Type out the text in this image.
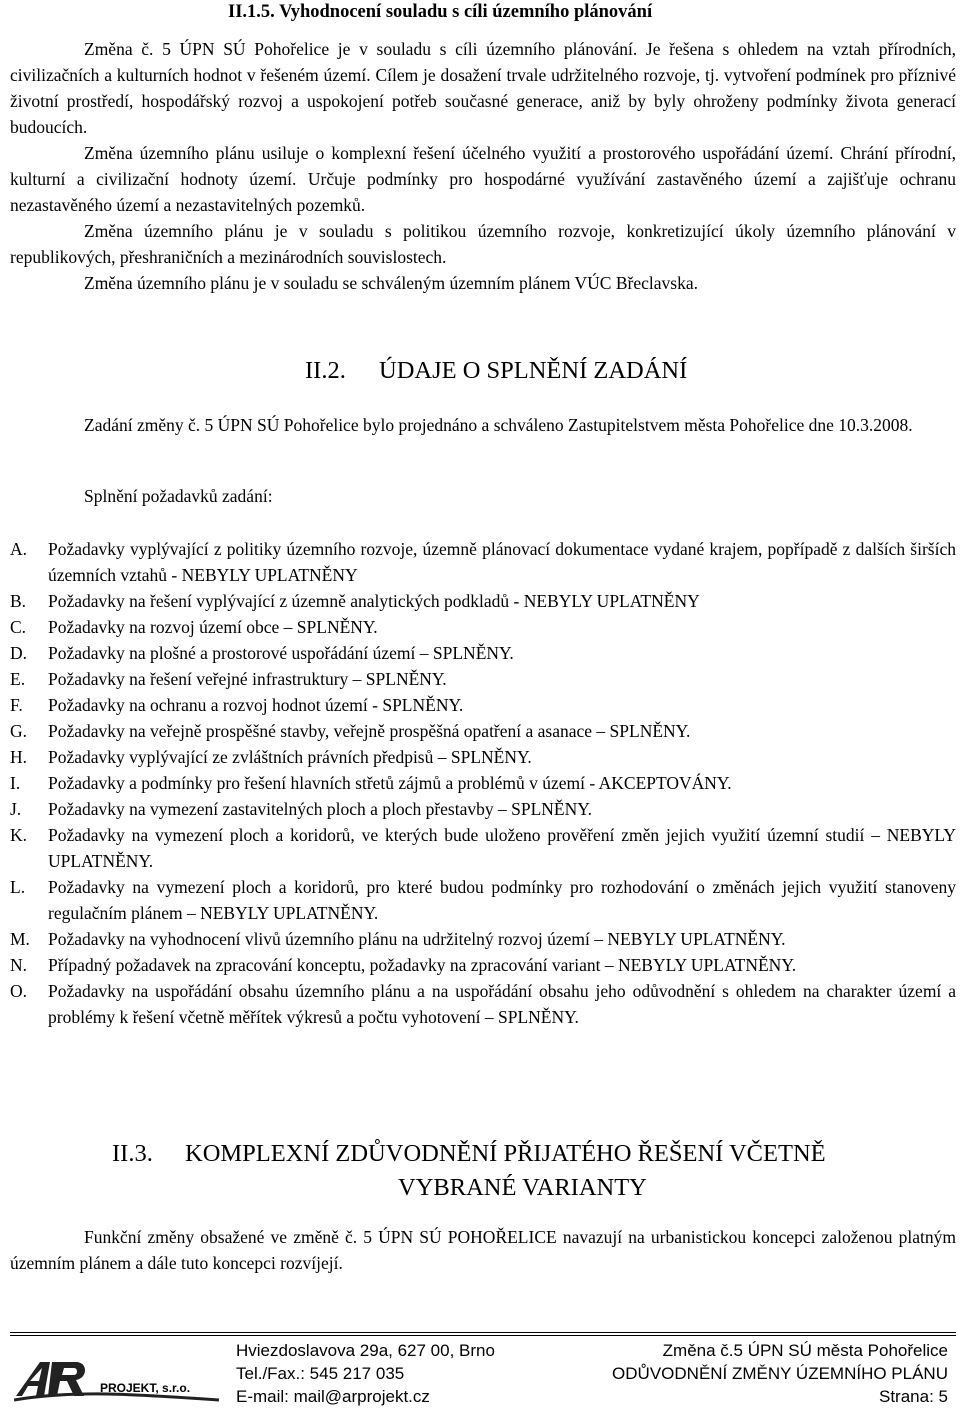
II.1.5. Vyhodnocení souladu s cíli územního plánování

Změna č. 5 ÚPN SÚ Pohořelice je v souladu s cíli územního plánování. Je řešena s ohledem na vztah přírodních, civilizačních a kulturních hodnot v řešeném území. Cílem je dosažení trvale udržitelného rozvoje, tj. vytvoření podmínek pro příznivé životní prostředí, hospodářský rozvoj a uspokojení potřeb současné generace, aniž by byly ohroženy podmínky života generací budoucích.

Změna územního plánu usiluje o komplexní řešení účelného využití a prostorového uspořádání území. Chrání přírodní, kulturní a civilizační hodnoty území. Určuje podmínky pro hospodárné využívání zastavěného území a zajišťuje ochranu nezastavěného území a nezastavitelných pozemků.

Změna územního plánu je v souladu s politikou územního rozvoje, konkretizující úkoly územního plánování v republikových, přeshraničních a mezinárodních souvislostech.

Změna územního plánu je v souladu se schváleným územním plánem VÚC Břeclavska.

II.2. ÚDAJE O SPLNĚNÍ ZADÁNÍ

Zadání změny č. 5 ÚPN SÚ Pohořelice bylo projednáno a schváleno Zastupitelstvem města Pohořelice dne 10.3.2008.

Splnění požadavků zadání:
A. Požadavky vyplývající z politiky územního rozvoje, územně plánovací dokumentace vydané krajem, popřípadě z dalších širších územních vztahů - NEBYLY UPLATNĚNY
B. Požadavky na řešení vyplývající z územně analytických podkladů - NEBYLY UPLATNĚNY
C. Požadavky na rozvoj území obce – SPLNĚNY.
D. Požadavky na plošné a prostorové uspořádání území – SPLNĚNY.
E. Požadavky na řešení veřejné infrastruktury – SPLNĚNY.
F. Požadavky na ochranu a rozvoj hodnot území - SPLNĚNY.
G. Požadavky na veřejně prospěšné stavby, veřejně prospěšná opatření a asanace – SPLNĚNY.
H. Požadavky vyplývající ze zvláštních právních předpisů – SPLNĚNY.
I. Požadavky a podmínky pro řešení hlavních střetů zájmů a problémů v území - AKCEPTOVÁNY.
J. Požadavky na vymezení zastavitelných ploch a ploch přestavby – SPLNĚNY.
K. Požadavky na vymezení ploch a koridorů, ve kterých bude uloženo prověření změn jejich využití územní studií – NEBYLY UPLATNĚNY.
L. Požadavky na vymezení ploch a koridorů, pro které budou podmínky pro rozhodování o změnách jejich využití stanoveny regulačním plánem – NEBYLY UPLATNĚNY.
M. Požadavky na vyhodnocení vlivů územního plánu na udržitelný rozvoj území – NEBYLY UPLATNĚNY.
N. Případný požadavek na zpracování konceptu, požadavky na zpracování variant – NEBYLY UPLATNĚNY.
O. Požadavky na uspořádání obsahu územního plánu a na uspořádání obsahu jeho odůvodnění s ohledem na charakter území a problémy k řešení včetně měřítek výkresů a počtu vyhotovení – SPLNĚNY.
II.3. KOMPLEXNÍ ZDŮVODNĚNÍ PŘIJATÉHO ŘEŠENÍ VČETNĚ
VYBRANÉ VARIANTY

Funkční změny obsažené ve změně č. 5 ÚPN SÚ POHOŘELICE navazují na urbanistickou koncepci založenou platným územním plánem a dále tuto koncepci rozvíjejí.

PROJEKT, s.r.o.
Hviezdoslavova 29a, 627 00, Brno
Tel./Fax.: 545 217 035
E-mail: mail@arprojekt.cz
Změna č.5 ÚPN SÚ města Pohořelice
ODŮVODNĚNÍ ZMĚNY ÚZEMNÍHO PLÁNU
Strana: 5
